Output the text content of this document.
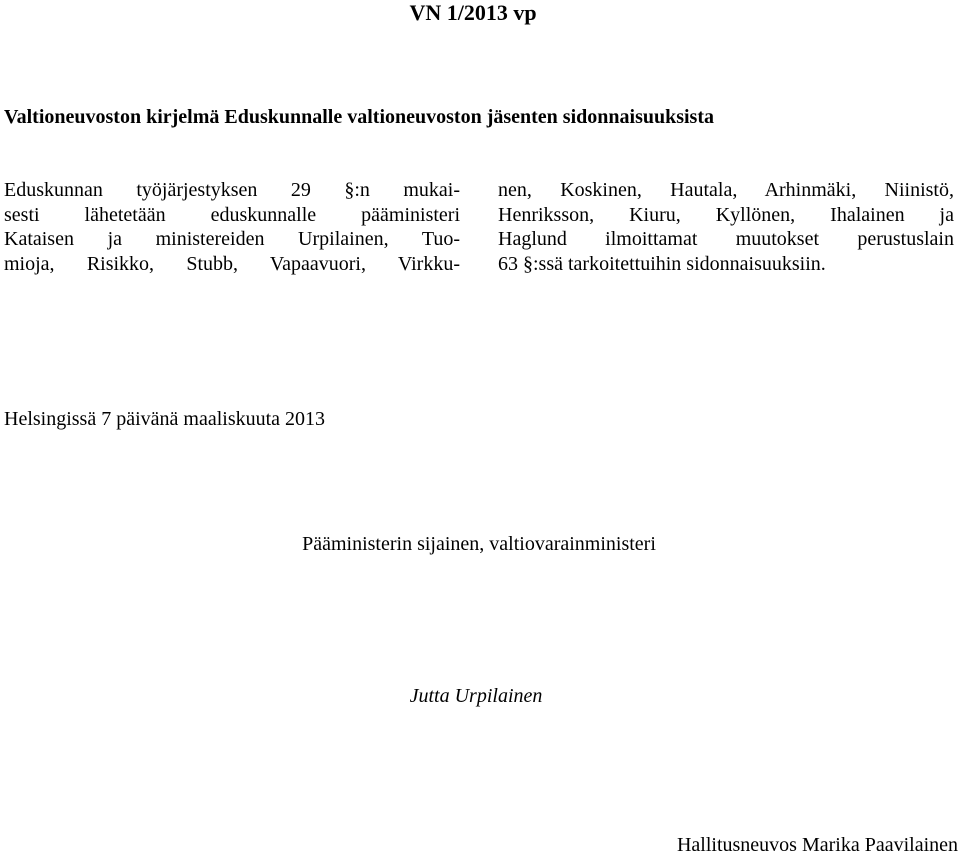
VN 1/2013 vp
Valtioneuvoston kirjelmä Eduskunnalle valtioneuvoston jäsenten sidonnaisuuksista
Eduskunnan työjärjestyksen 29 §:n mukai-
sesti lähetetään eduskunnalle pääministeri
Kataisen ja ministereiden Urpilainen, Tuo-
mioja, Risikko, Stubb, Vapaavuori, Virkku-
nen, Koskinen, Hautala, Arhinmäki, Niinistö,
Henriksson, Kiuru, Kyllönen, Ihalainen ja
Haglund ilmoittamat muutokset perustuslain
63 §:ssä tarkoitettuihin sidonnaisuuksiin.
Helsingissä 7 päivänä maaliskuuta 2013
Pääministerin sijainen, valtiovarainministeri
Jutta Urpilainen
Hallitusneuvos Marika Paavilainen
